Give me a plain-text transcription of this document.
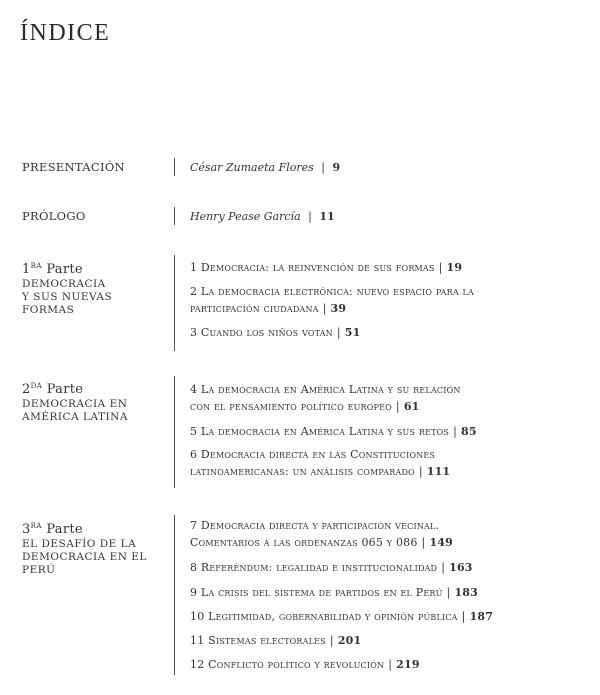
ÍNDICE
PRESENTACIÓN	César Zumaeta Flores | 9
PRÓLOGO	Henry Pease García | 11
$1^{RA}$ Parte
DEMOCRACIA
Y SUS NUEVAS
FORMAS
1 Democracia: la reinvención de sus formas | 19
2 La democracia electrónica: nuevo espacio para la
participación ciudadana | 39
3 Cuando los niños votan | 51
$2^{DA}$ Parte
DEMOCRACIA EN
AMÉRICA LATINA
4 La democracia en América Latina y su relación
con el pensamiento político europeo | 61
5 La democracia en América Latina y sus retos | 85
6 Democracia directa en las Constituciones
latinoamericanas: un análisis comparado | 111
$3^{RA}$ Parte
EL DESAFÍO DE LA
DEMOCRACIA EN EL
PERÚ
7 Democracia directa y participación vecinal.
Comentarios a las ordenanzas 065 y 086 | 149
8 Referéndum: legalidad e institucionalidad | 163
9 La crisis del sistema de partidos en el Perú | 183
10 Legitimidad, gobernabilidad y opinión pública | 187
11 Sistemas electorales | 201
12 Conflicto político y revolución | 219
